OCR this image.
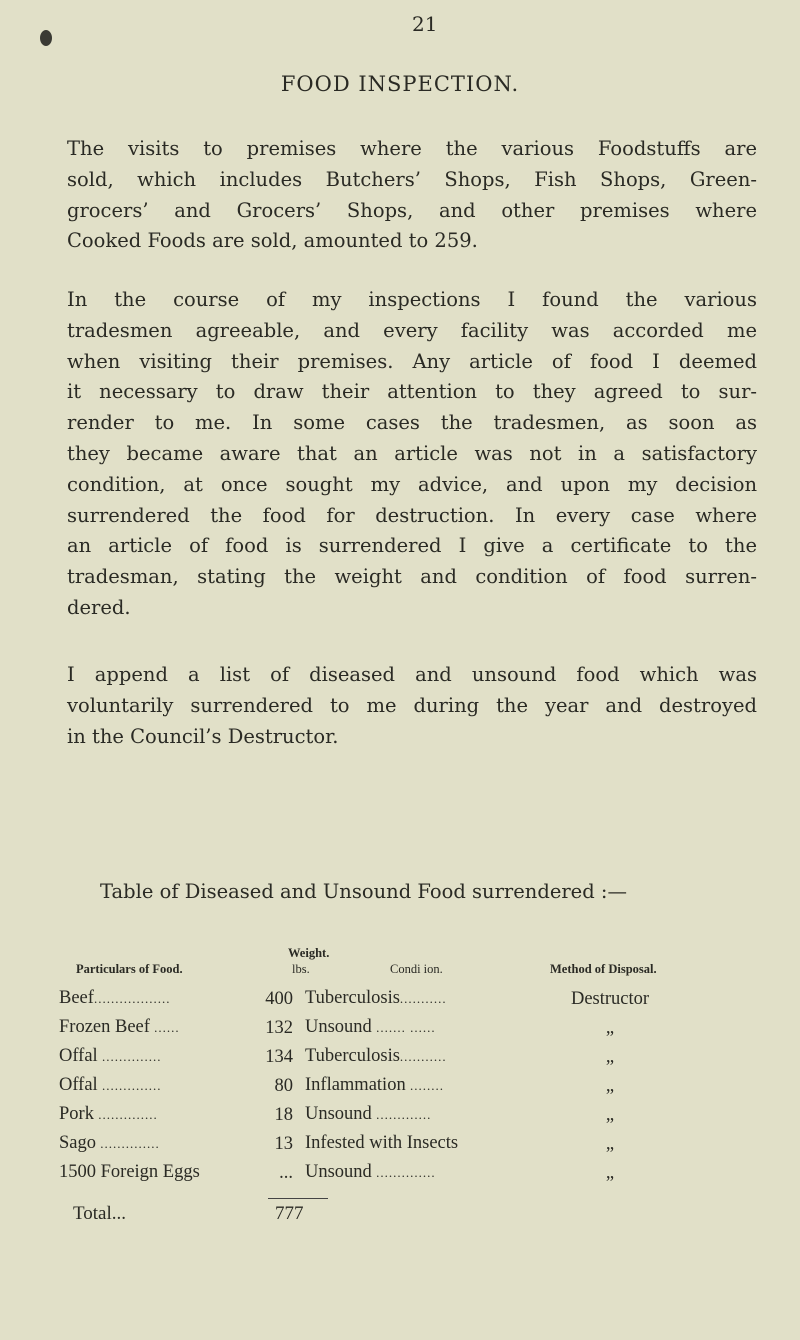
21
FOOD INSPECTION.
The visits to premises where the various Foodstuffs are
sold, which includes Butchers’ Shops, Fish Shops, Green-
grocers’ and Grocers’ Shops, and other premises where
Cooked Foods are sold, amounted to 259.
In the course of my inspections I found the various
tradesmen agreeable, and every facility was accorded me
when visiting their premises. Any article of food I deemed
it necessary to draw their attention to they agreed to sur-
render to me. In some cases the tradesmen, as soon as
they became aware that an article was not in a satisfactory
condition, at once sought my advice, and upon my decision
surrendered the food for destruction. In every case where
an article of food is surrendered I give a certificate to the
tradesman, stating the weight and condition of food surren-
dered.
I append a list of diseased and unsound food which was
voluntarily surrendered to me during the year and destroyed
in the Council’s Destructor.
Table of Diseased and Unsound Food surrendered :—
Particulars of Food.
Weight.
lbs.	Condi ion.	Method of Disposal.
Beef..................	400	Tuberculosis...........	Destructor
Frozen Beef ......	132	Unsound ....... ......	„
Offal ..............	134	Tuberculosis...........	„
Offal ..............	80	Inflammation ........	„
Pork ..............	18	Unsound .............	„
Sago ..............	13	Infested with Insects	„
1500 Foreign Eggs	...	Unsound ..............	„
Total...	777
